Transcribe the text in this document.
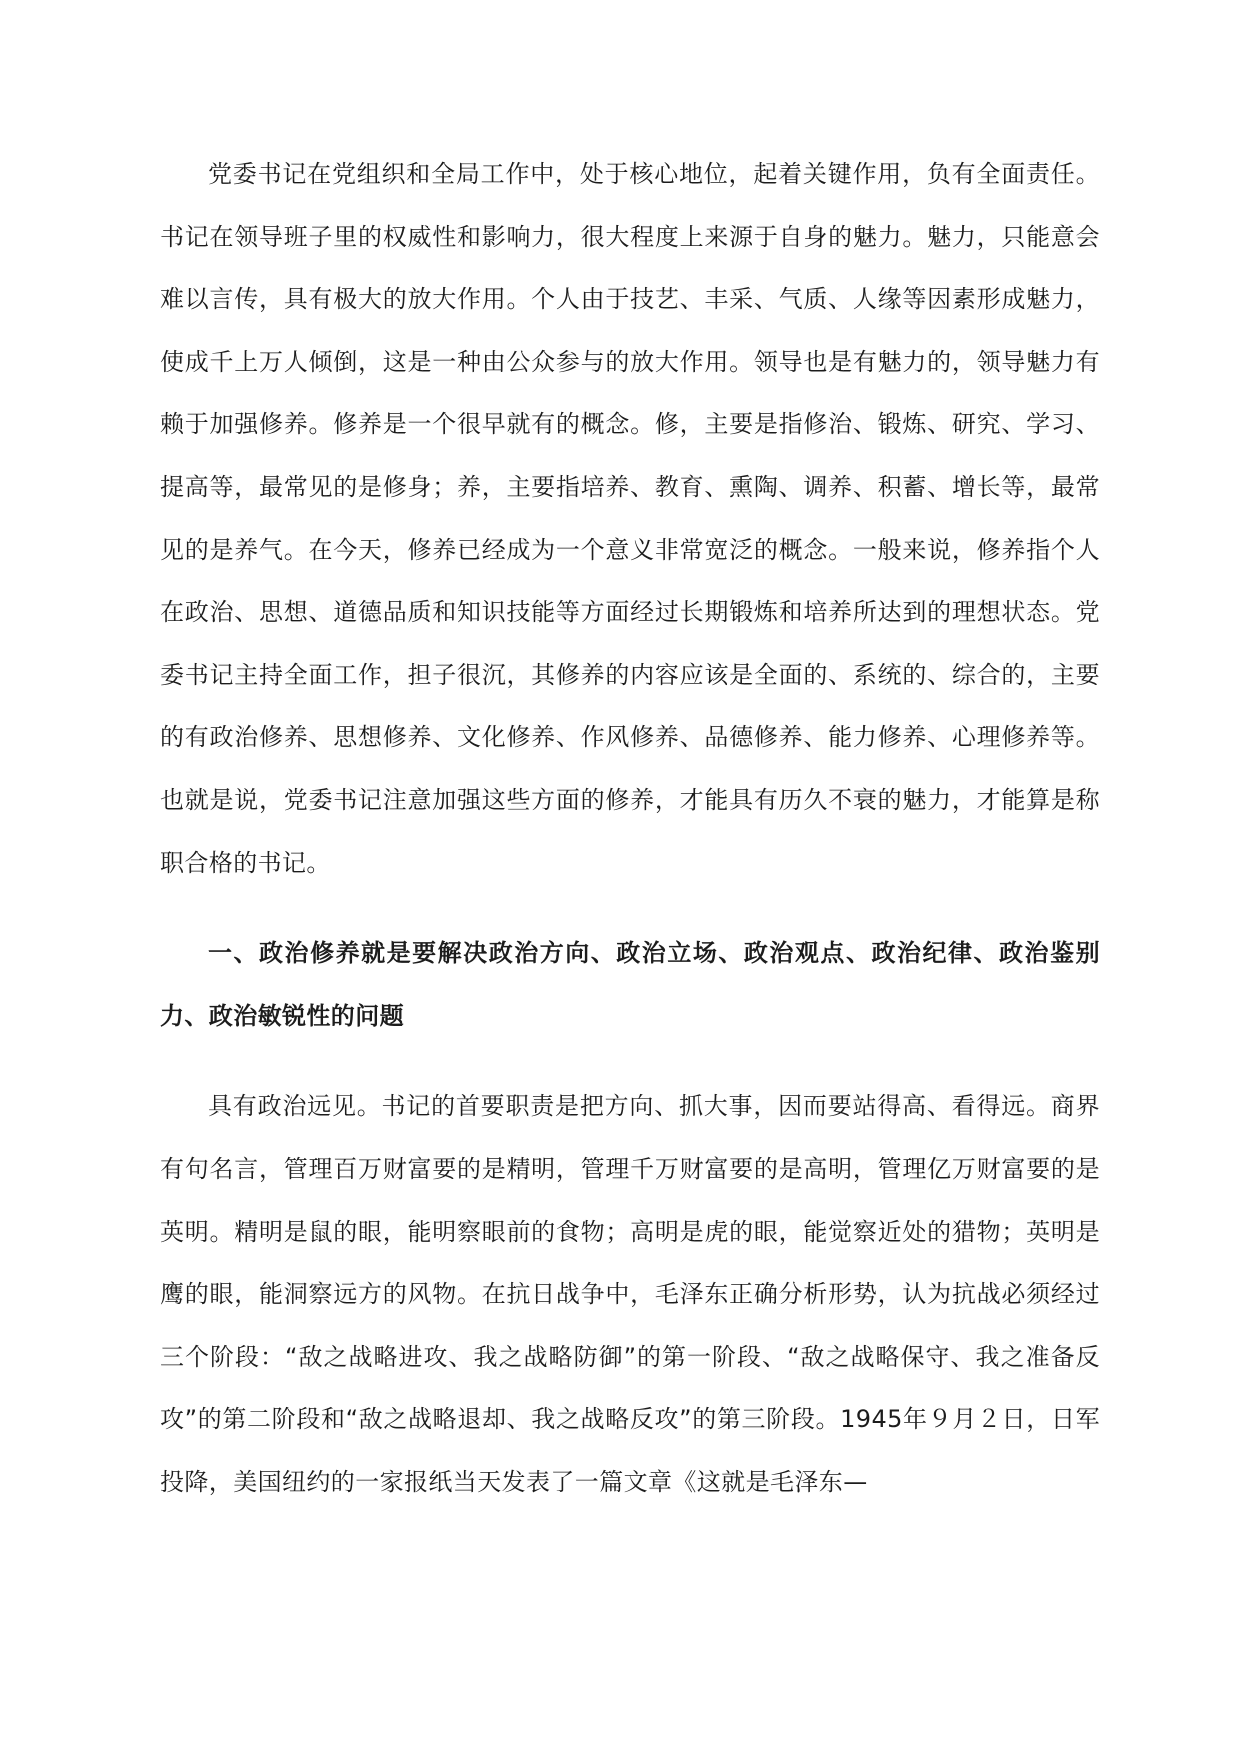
党委书记在党组织和全局工作中，处于核心地位，起着关键作用，负有全面责任。书记在领导班子里的权威性和影响力，很大程度上来源于自身的魅力。魅力，只能意会难以言传，具有极大的放大作用。个人由于技艺、丰采、气质、人缘等因素形成魅力，使成千上万人倾倒，这是一种由公众参与的放大作用。领导也是有魅力的，领导魅力有赖于加强修养。修养是一个很早就有的概念。修，主要是指修治、锻炼、研究、学习、提高等，最常见的是修身；养，主要指培养、教育、熏陶、调养、积蓄、增长等，最常见的是养气。在今天，修养已经成为一个意义非常宽泛的概念。一般来说，修养指个人在政治、思想、道德品质和知识技能等方面经过长期锻炼和培养所达到的理想状态。党委书记主持全面工作，担子很沉，其修养的内容应该是全面的、系统的、综合的，主要的有政治修养、思想修养、文化修养、作风修养、品德修养、能力修养、心理修养等。也就是说，党委书记注意加强这些方面的修养，才能具有历久不衰的魅力，才能算是称职合格的书记。

一、政治修养就是要解决政治方向、政治立场、政治观点、政治纪律、政治鉴别力、政治敏锐性的问题

具有政治远见。书记的首要职责是把方向、抓大事，因而要站得高、看得远。商界有句名言，管理百万财富要的是精明，管理千万财富要的是高明，管理亿万财富要的是英明。精明是鼠的眼，能明察眼前的食物；高明是虎的眼，能觉察近处的猎物；英明是鹰的眼，能洞察远方的风物。在抗日战争中，毛泽东正确分析形势，认为抗战必须经过三个阶段：“敌之战略进攻、我之战略防御”的第一阶段、“敌之战略保守、我之准备反攻”的第二阶段和“敌之战略退却、我之战略反攻”的第三阶段。1945年９月２日，日军投降，美国纽约的一家报纸当天发表了一篇文章《这就是毛泽东—
